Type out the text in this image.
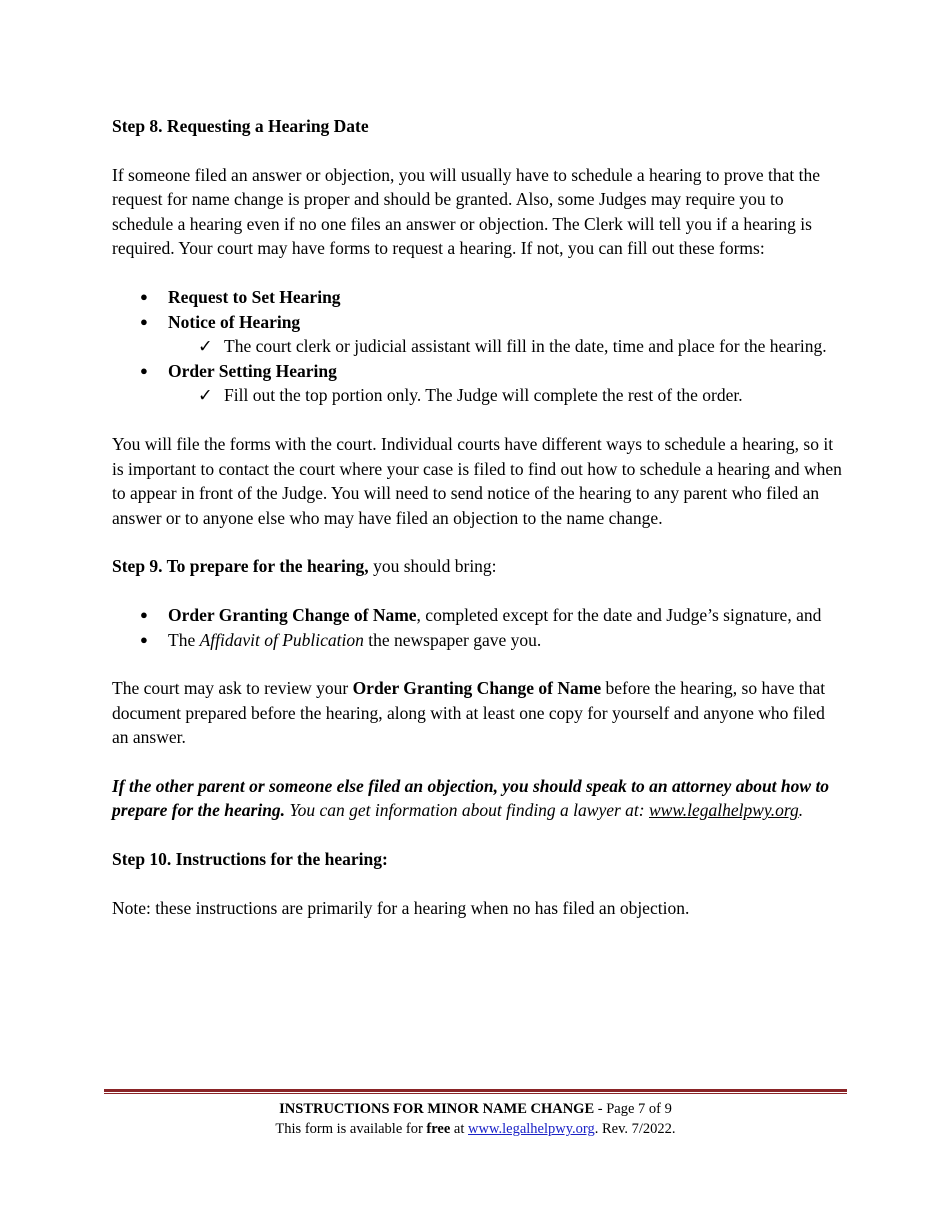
Step 8. Requesting a Hearing Date

If someone filed an answer or objection, you will usually have to schedule a hearing to prove that the request for name change is proper and should be granted. Also, some Judges may require you to schedule a hearing even if no one files an answer or objection. The Clerk will tell you if a hearing is required. Your court may have forms to request a hearing. If not, you can fill out these forms:

● Request to Set Hearing
● Notice of Hearing
✓ The court clerk or judicial assistant will fill in the date, time and place for the hearing.
● Order Setting Hearing
✓ Fill out the top portion only. The Judge will complete the rest of the order.

You will file the forms with the court. Individual courts have different ways to schedule a hearing, so it is important to contact the court where your case is filed to find out how to schedule a hearing and when to appear in front of the Judge. You will need to send notice of the hearing to any parent who filed an answer or to anyone else who may have filed an objection to the name change.

Step 9. To prepare for the hearing, you should bring:

● Order Granting Change of Name, completed except for the date and Judge’s signature, and
● The Affidavit of Publication the newspaper gave you.

The court may ask to review your Order Granting Change of Name before the hearing, so have that document prepared before the hearing, along with at least one copy for yourself and anyone who filed an answer.

If the other parent or someone else filed an objection, you should speak to an attorney about how to prepare for the hearing. You can get information about finding a lawyer at: www.legalhelpwy.org.

Step 10. Instructions for the hearing:

Note: these instructions are primarily for a hearing when no has filed an objection.

INSTRUCTIONS FOR MINOR NAME CHANGE - Page 7 of 9
This form is available for free at www.legalhelpwy.org. Rev. 7/2022.
